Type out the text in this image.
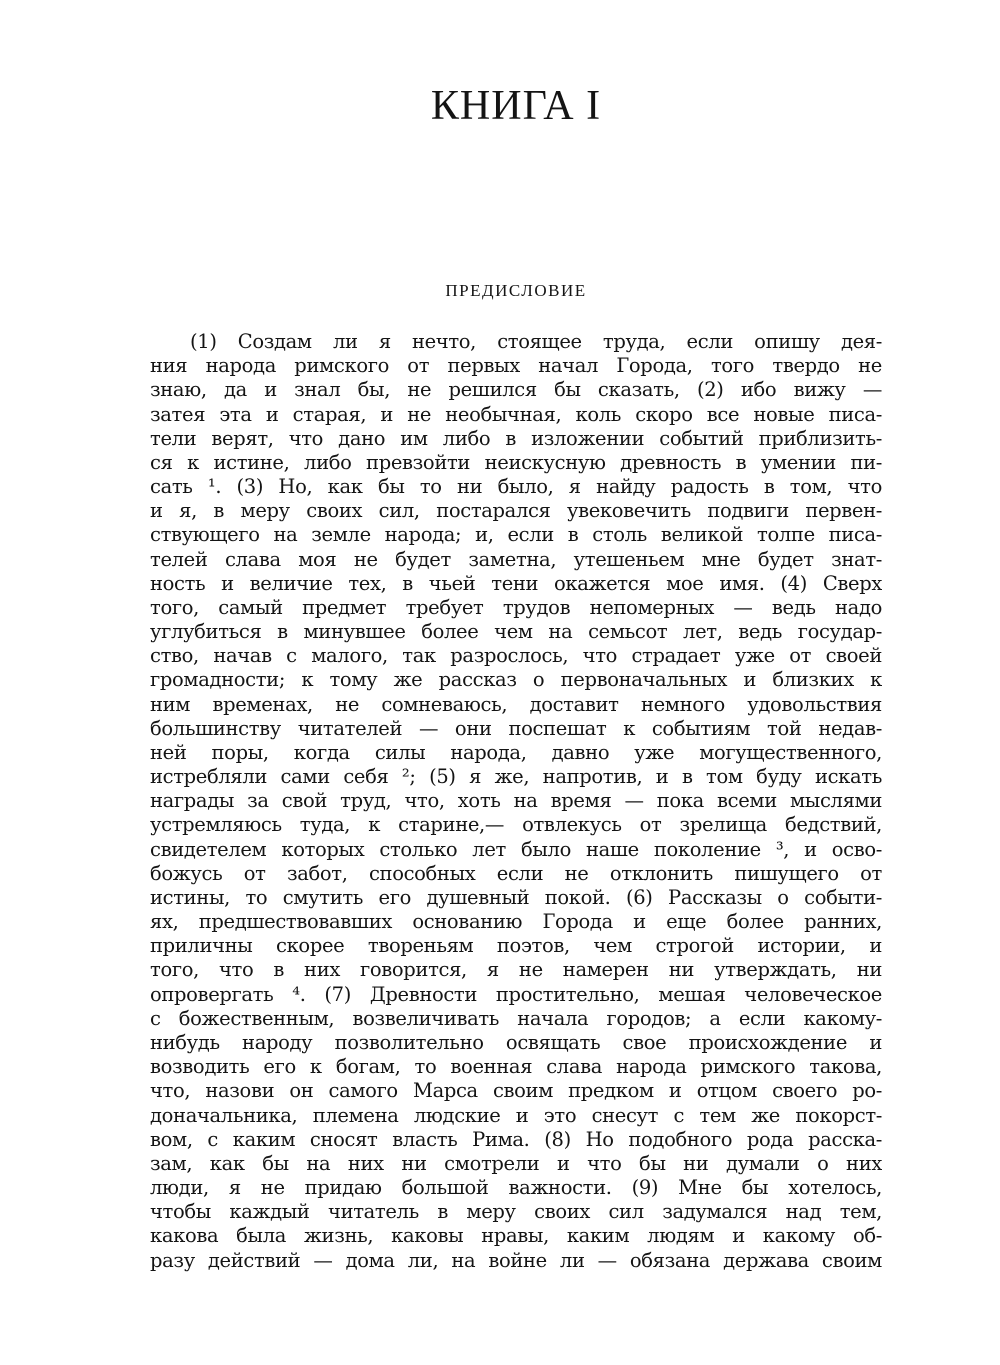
КНИГА I
ПРЕДИСЛОВИЕ
(1) Создам ли я нечто, стоящее труда, если опишу дея-
ния народа римского от первых начал Города, того твердо не
знаю, да и знал бы, не решился бы сказать, (2) ибо вижу —
затея эта и старая, и не необычная, коль скоро все новые писа-
тели верят, что дано им либо в изложении событий приблизить-
ся к истине, либо превзойти неискусную древность в умении пи-
сать ¹. (3) Но, как бы то ни было, я найду радость в том, что
и я, в меру своих сил, постарался увековечить подвиги первен-
ствующего на земле народа; и, если в столь великой толпе писа-
телей слава моя не будет заметна, утешеньем мне будет знат-
ность и величие тех, в чьей тени окажется мое имя. (4) Сверх
того, самый предмет требует трудов непомерных — ведь надо
углубиться в минувшее более чем на семьсот лет, ведь государ-
ство, начав с малого, так разрослось, что страдает уже от своей
громадности; к тому же рассказ о первоначальных и близких к
ним временах, не сомневаюсь, доставит немного удовольствия
большинству читателей — они поспешат к событиям той недав-
ней поры, когда силы народа, давно уже могущественного,
истребляли сами себя ²; (5) я же, напротив, и в том буду искать
награды за свой труд, что, хоть на время — пока всеми мыслями
устремляюсь туда, к старине,— отвлекусь от зрелища бедствий,
свидетелем которых столько лет было наше поколение ³, и осво-
божусь от забот, способных если не отклонить пишущего от
истины, то смутить его душевный покой. (6) Рассказы о событи-
ях, предшествовавших основанию Города и еще более ранних,
приличны скорее твореньям поэтов, чем строгой истории, и
того, что в них говорится, я не намерен ни утверждать, ни
опровергать ⁴. (7) Древности простительно, мешая человеческое
с божественным, возвеличивать начала городов; а если какому-
нибудь народу позволительно освящать свое происхождение и
возводить его к богам, то военная слава народа римского такова,
что, назови он самого Марса своим предком и отцом своего ро-
доначальника, племена людские и это снесут с тем же покорст-
вом, с каким сносят власть Рима. (8) Но подобного рода расска-
зам, как бы на них ни смотрели и что бы ни думали о них
люди, я не придаю большой важности. (9) Мне бы хотелось,
чтобы каждый читатель в меру своих сил задумался над тем,
какова была жизнь, каковы нравы, каким людям и какому об-
разу действий — дома ли, на войне ли — обязана держава своим
